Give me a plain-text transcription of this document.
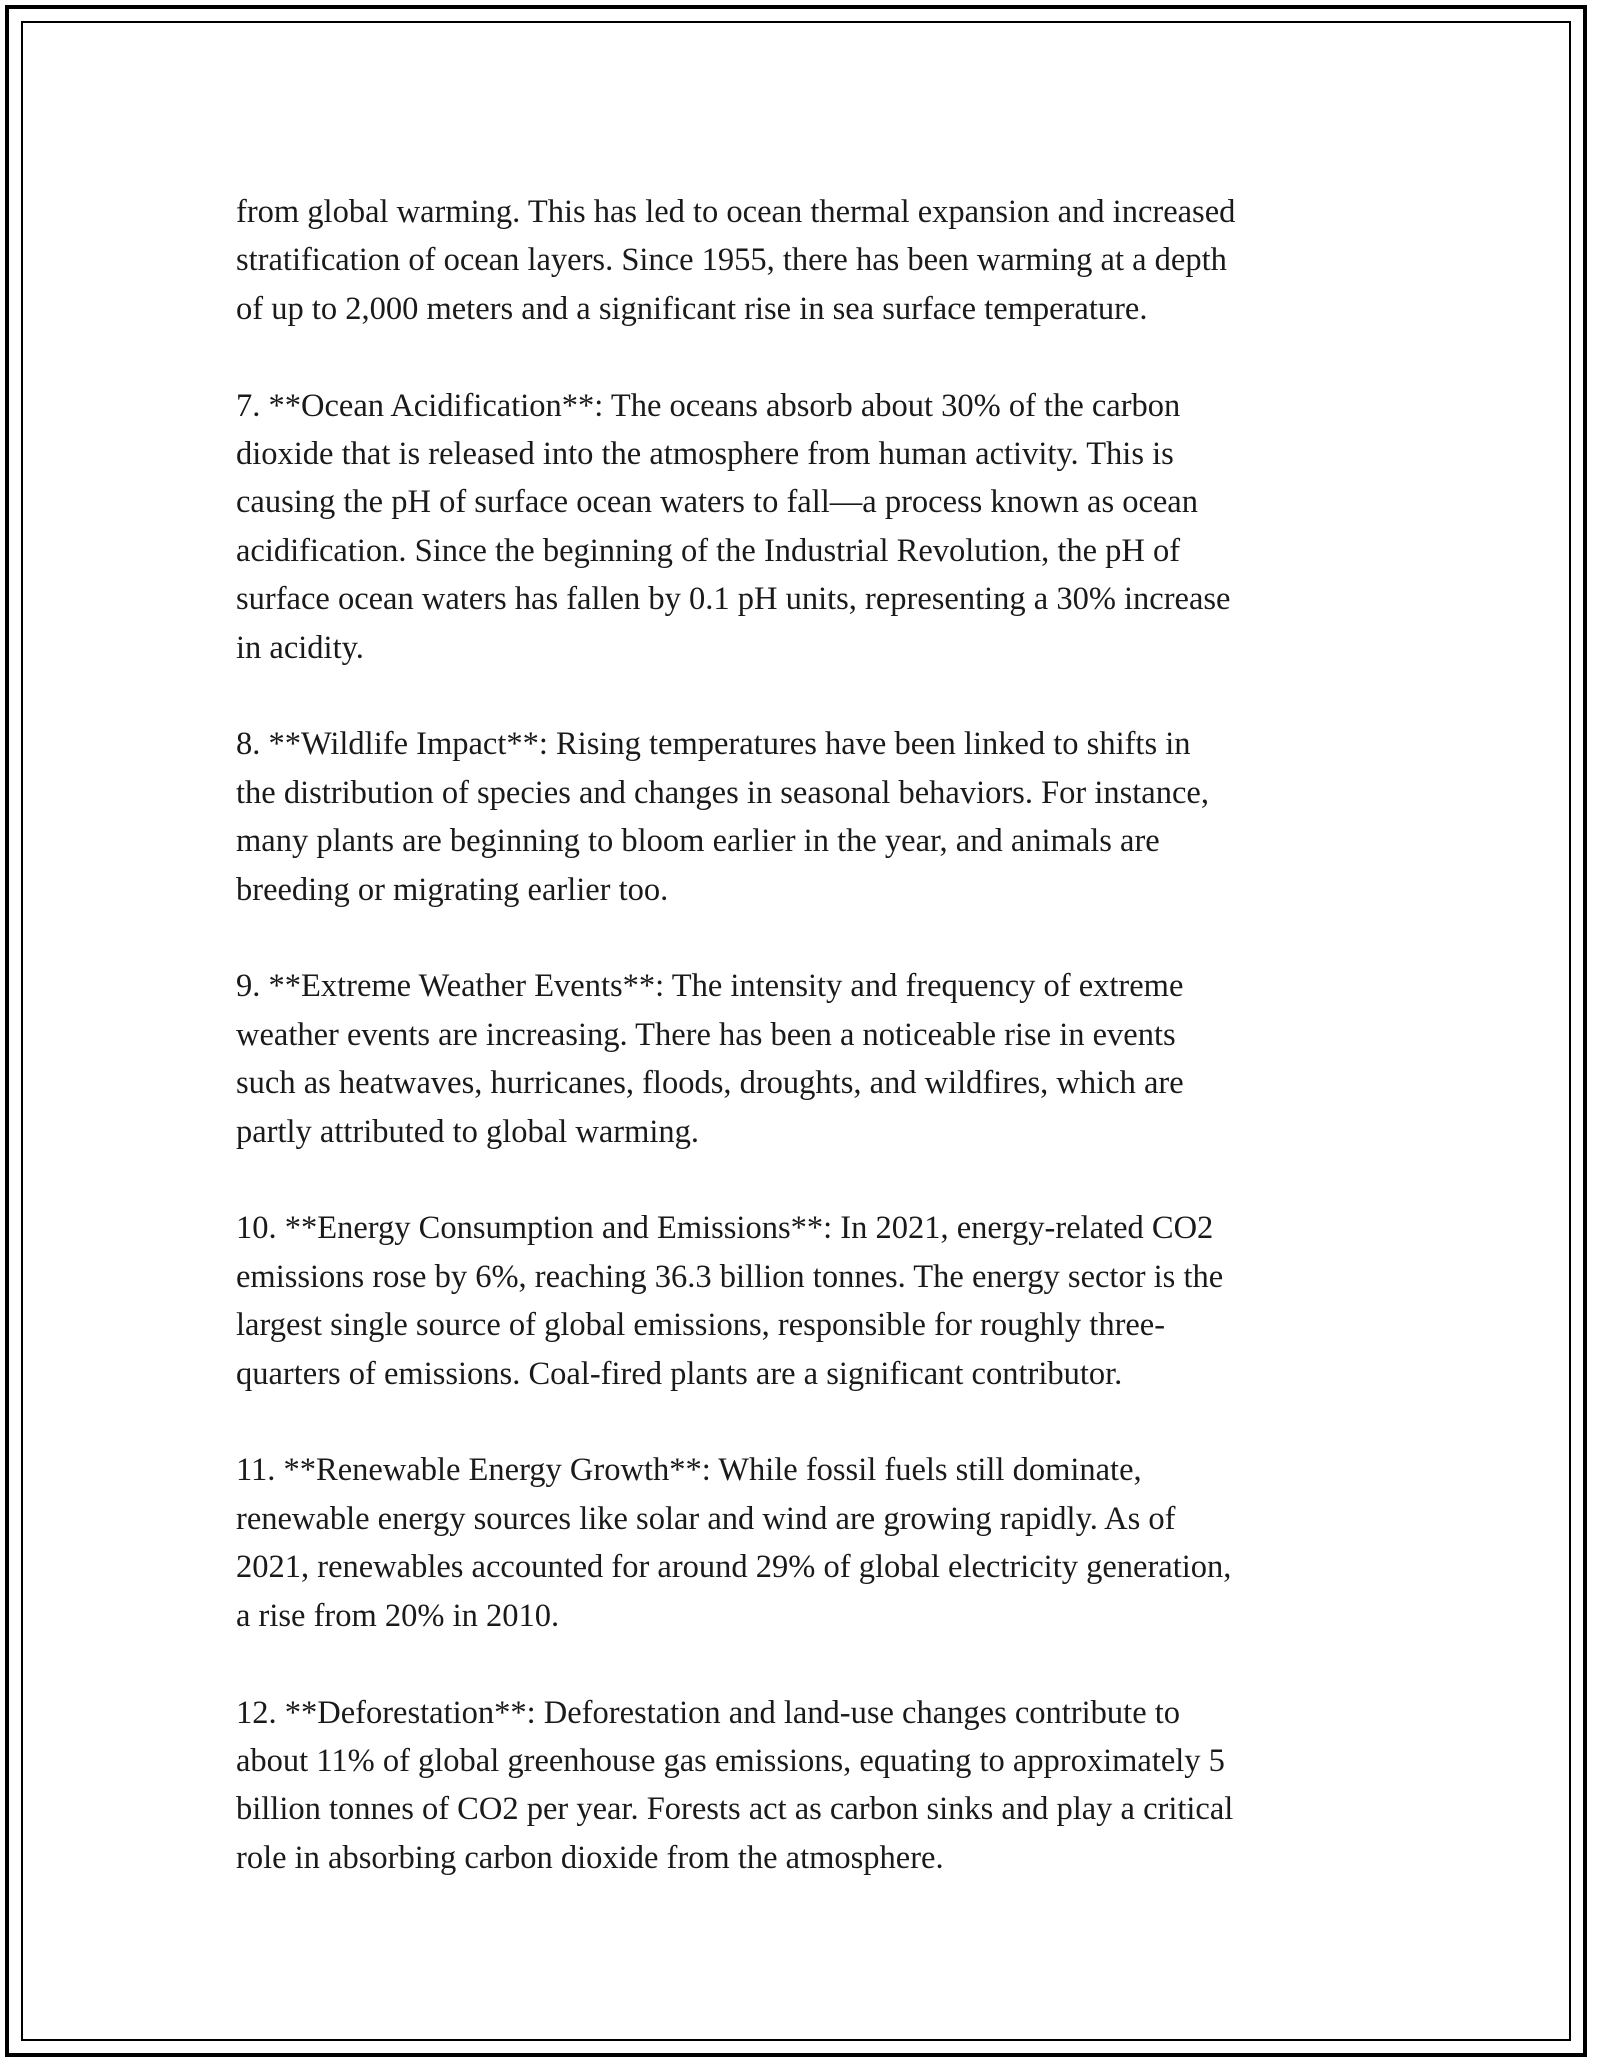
from global warming. This has led to ocean thermal expansion and increased
stratification of ocean layers. Since 1955, there has been warming at a depth
of up to 2,000 meters and a significant rise in sea surface temperature.

7. **Ocean Acidification**: The oceans absorb about 30% of the carbon
dioxide that is released into the atmosphere from human activity. This is
causing the pH of surface ocean waters to fall—a process known as ocean
acidification. Since the beginning of the Industrial Revolution, the pH of
surface ocean waters has fallen by 0.1 pH units, representing a 30% increase
in acidity.

8. **Wildlife Impact**: Rising temperatures have been linked to shifts in
the distribution of species and changes in seasonal behaviors. For instance,
many plants are beginning to bloom earlier in the year, and animals are
breeding or migrating earlier too.

9. **Extreme Weather Events**: The intensity and frequency of extreme
weather events are increasing. There has been a noticeable rise in events
such as heatwaves, hurricanes, floods, droughts, and wildfires, which are
partly attributed to global warming.

10. **Energy Consumption and Emissions**: In 2021, energy-related CO2
emissions rose by 6%, reaching 36.3 billion tonnes. The energy sector is the
largest single source of global emissions, responsible for roughly three-
quarters of emissions. Coal-fired plants are a significant contributor.

11. **Renewable Energy Growth**: While fossil fuels still dominate,
renewable energy sources like solar and wind are growing rapidly. As of
2021, renewables accounted for around 29% of global electricity generation,
a rise from 20% in 2010.

12. **Deforestation**: Deforestation and land-use changes contribute to
about 11% of global greenhouse gas emissions, equating to approximately 5
billion tonnes of CO2 per year. Forests act as carbon sinks and play a critical
role in absorbing carbon dioxide from the atmosphere.
